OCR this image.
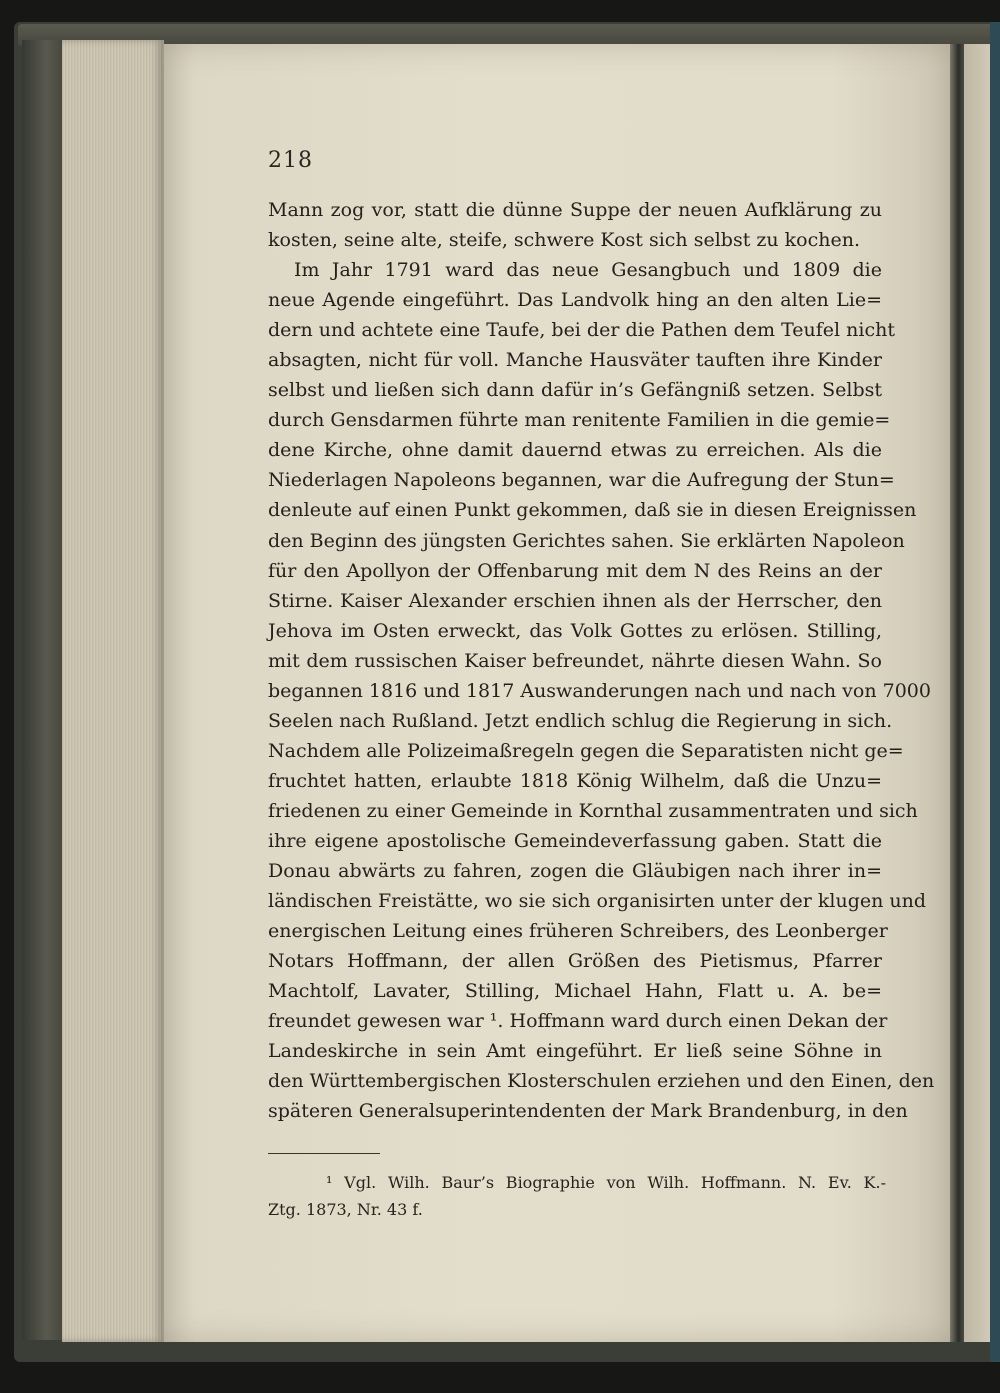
218
Mann zog vor, statt die dünne Suppe der neuen Aufklärung zu
kosten, seine alte, steife, schwere Kost sich selbst zu kochen.
Im Jahr 1791 ward das neue Gesangbuch und 1809 die
neue Agende eingeführt. Das Landvolk hing an den alten Lie=
dern und achtete eine Taufe, bei der die Pathen dem Teufel nicht
absagten, nicht für voll. Manche Hausväter tauften ihre Kinder
selbst und ließen sich dann dafür in’s Gefängniß setzen. Selbst
durch Gensdarmen führte man renitente Familien in die gemie=
dene Kirche, ohne damit dauernd etwas zu erreichen. Als die
Niederlagen Napoleons begannen, war die Aufregung der Stun=
denleute auf einen Punkt gekommen, daß sie in diesen Ereignissen
den Beginn des jüngsten Gerichtes sahen. Sie erklärten Napoleon
für den Apollyon der Offenbarung mit dem N des Reins an der
Stirne. Kaiser Alexander erschien ihnen als der Herrscher, den
Jehova im Osten erweckt, das Volk Gottes zu erlösen. Stilling,
mit dem russischen Kaiser befreundet, nährte diesen Wahn. So
begannen 1816 und 1817 Auswanderungen nach und nach von 7000
Seelen nach Rußland. Jetzt endlich schlug die Regierung in sich.
Nachdem alle Polizeimaßregeln gegen die Separatisten nicht ge=
fruchtet hatten, erlaubte 1818 König Wilhelm, daß die Unzu=
friedenen zu einer Gemeinde in Kornthal zusammentraten und sich
ihre eigene apostolische Gemeindeverfassung gaben. Statt die
Donau abwärts zu fahren, zogen die Gläubigen nach ihrer in=
ländischen Freistätte, wo sie sich organisirten unter der klugen und
energischen Leitung eines früheren Schreibers, des Leonberger
Notars Hoffmann, der allen Größen des Pietismus, Pfarrer
Machtolf, Lavater, Stilling, Michael Hahn, Flatt u. A. be=
freundet gewesen war ¹. Hoffmann ward durch einen Dekan der
Landeskirche in sein Amt eingeführt. Er ließ seine Söhne in
den Württembergischen Klosterschulen erziehen und den Einen, den
späteren Generalsuperintendenten der Mark Brandenburg, in den
¹ Vgl. Wilh. Baur’s Biographie von Wilh. Hoffmann. N. Ev. K.-
Ztg. 1873, Nr. 43 f.
